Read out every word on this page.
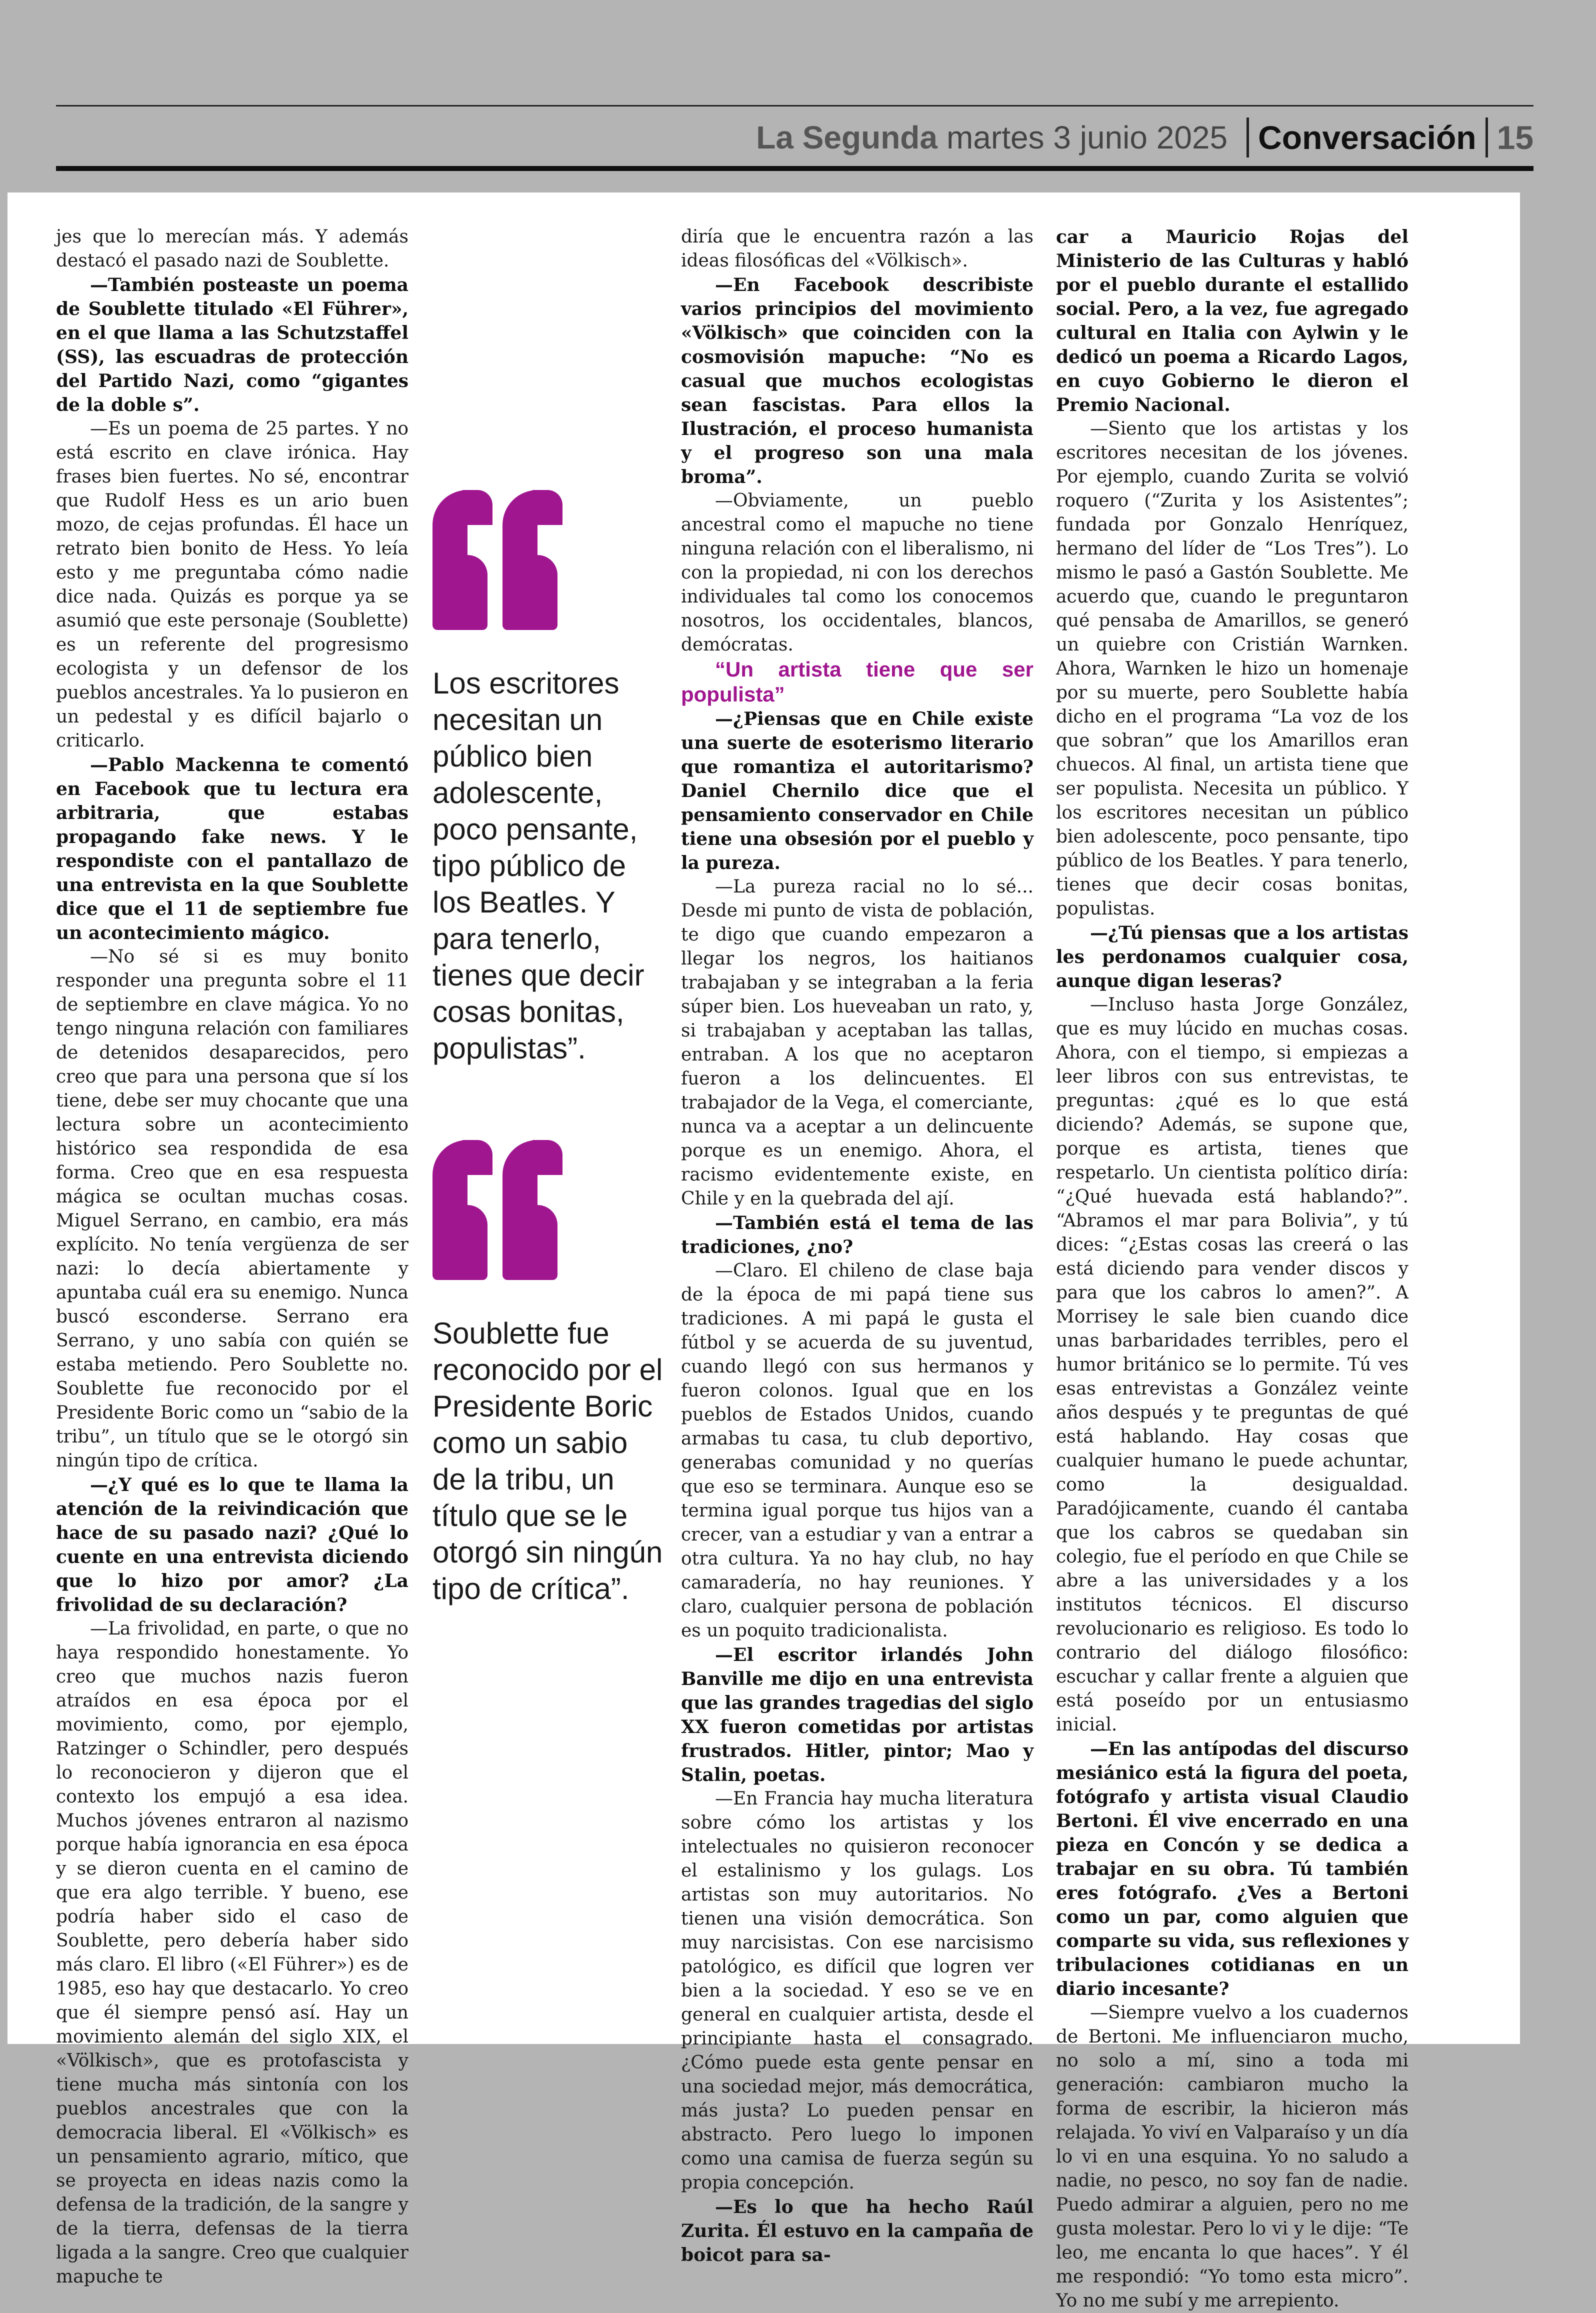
La Segunda martes 3 junio 2025 Conversación 15

jes que lo merecían más. Y además destacó el pasado nazi de Soublette.

—También posteaste un poema de Soublette titulado «El Führer», en el que llama a las Schutzstaffel (SS), las escuadras de protección del Partido Nazi, como “gigantes de la doble s”.

—Es un poema de 25 partes. Y no está escrito en clave irónica. Hay frases bien fuertes. No sé, encontrar que Rudolf Hess es un ario buen mozo, de cejas profundas. Él hace un retrato bien bonito de Hess. Yo leía esto y me preguntaba cómo nadie dice nada. Quizás es porque ya se asumió que este personaje (Soublette) es un referente del progresismo ecologista y un defensor de los pueblos ancestrales. Ya lo pusieron en un pedestal y es difícil bajarlo o criticarlo.

—Pablo Mackenna te comentó en Facebook que tu lectura era arbitraria, que estabas propagando fake news. Y le respondiste con el pantallazo de una entrevista en la que Soublette dice que el 11 de septiembre fue un acontecimiento mágico.

—No sé si es muy bonito responder una pregunta sobre el 11 de septiembre en clave mágica. Yo no tengo ninguna relación con familiares de detenidos desaparecidos, pero creo que para una persona que sí los tiene, debe ser muy chocante que una lectura sobre un acontecimiento histórico sea respondida de esa forma. Creo que en esa respuesta mágica se ocultan muchas cosas. Miguel Serrano, en cambio, era más explícito. No tenía vergüenza de ser nazi: lo decía abiertamente y apuntaba cuál era su enemigo. Nunca buscó esconderse. Serrano era Serrano, y uno sabía con quién se estaba metiendo. Pero Soublette no. Soublette fue reconocido por el Presidente Boric como un “sabio de la tribu”, un título que se le otorgó sin ningún tipo de crítica.

—¿Y qué es lo que te llama la atención de la reivindicación que hace de su pasado nazi? ¿Qué lo cuente en una entrevista diciendo que lo hizo por amor? ¿La frivolidad de su declaración?

—La frivolidad, en parte, o que no haya respondido honestamente. Yo creo que muchos nazis fueron atraídos en esa época por el movimiento, como, por ejemplo, Ratzinger o Schindler, pero después lo reconocieron y dijeron que el contexto los empujó a esa idea. Muchos jóvenes entraron al nazismo porque había ignorancia en esa época y se dieron cuenta en el camino de que era algo terrible. Y bueno, ese podría haber sido el caso de Soublette, pero debería haber sido más claro. El libro («El Führer») es de 1985, eso hay que destacarlo. Yo creo que él siempre pensó así. Hay un movimiento alemán del siglo XIX, el «Völkisch», que es protofascista y tiene mucha más sintonía con los pueblos ancestrales que con la democracia liberal. El «Völkisch» es un pensamiento agrario, mítico, que se proyecta en ideas nazis como la defensa de la tradición, de la sangre y de la tierra, defensas de la tierra ligada a la sangre. Creo que cualquier mapuche te

Los escritores necesitan un público bien adolescente, poco pensante, tipo público de los Beatles. Y para tenerlo, tienes que decir cosas bonitas, populistas”.
Soublette fue reconocido por el Presidente Boric como un sabio de la tribu, un título que se le otorgó sin ningún tipo de crítica”.

diría que le encuentra razón a las ideas filosóficas del «Völkisch».

—En Facebook describiste varios principios del movimiento «Völkisch» que coinciden con la cosmovisión mapuche: “No es casual que muchos ecologistas sean fascistas. Para ellos la Ilustración, el proceso humanista y el progreso son una mala broma”.

—Obviamente, un pueblo ancestral como el mapuche no tiene ninguna relación con el liberalismo, ni con la propiedad, ni con los derechos individuales tal como los conocemos nosotros, los occidentales, blancos, demócratas.

“Un artista tiene que ser populista”

—¿Piensas que en Chile existe una suerte de esoterismo literario que romantiza el autoritarismo? Daniel Chernilo dice que el pensamiento conservador en Chile tiene una obsesión por el pueblo y la pureza.

—La pureza racial no lo sé... Desde mi punto de vista de población, te digo que cuando empezaron a llegar los negros, los haitianos trabajaban y se integraban a la feria súper bien. Los hueveaban un rato, y, si trabajaban y aceptaban las tallas, entraban. A los que no aceptaron fueron a los delincuentes. El trabajador de la Vega, el comerciante, nunca va a aceptar a un delincuente porque es un enemigo. Ahora, el racismo evidentemente existe, en Chile y en la quebrada del ají.

—También está el tema de las tradiciones, ¿no?

—Claro. El chileno de clase baja de la época de mi papá tiene sus tradiciones. A mi papá le gusta el fútbol y se acuerda de su juventud, cuando llegó con sus hermanos y fueron colonos. Igual que en los pueblos de Estados Unidos, cuando armabas tu casa, tu club deportivo, generabas comunidad y no querías que eso se terminara. Aunque eso se termina igual porque tus hijos van a crecer, van a estudiar y van a entrar a otra cultura. Ya no hay club, no hay camaradería, no hay reuniones. Y claro, cualquier persona de población es un poquito tradicionalista.

—El escritor irlandés John Banville me dijo en una entrevista que las grandes tragedias del siglo XX fueron cometidas por artistas frustrados. Hitler, pintor; Mao y Stalin, poetas.

—En Francia hay mucha literatura sobre cómo los artistas y los intelectuales no quisieron reconocer el estalinismo y los gulags. Los artistas son muy autoritarios. No tienen una visión democrática. Son muy narcisistas. Con ese narcisismo patológico, es difícil que logren ver bien a la sociedad. Y eso se ve en general en cualquier artista, desde el principiante hasta el consagrado. ¿Cómo puede esta gente pensar en una sociedad mejor, más democrática, más justa? Lo pueden pensar en abstracto. Pero luego lo imponen como una camisa de fuerza según su propia concepción.

—Es lo que ha hecho Raúl Zurita. Él estuvo en la campaña de boicot para sa-

car a Mauricio Rojas del Ministerio de las Culturas y habló por el pueblo durante el estallido social. Pero, a la vez, fue agregado cultural en Italia con Aylwin y le dedicó un poema a Ricardo Lagos, en cuyo Gobierno le dieron el Premio Nacional.

—Siento que los artistas y los escritores necesitan de los jóvenes. Por ejemplo, cuando Zurita se volvió roquero (“Zurita y los Asistentes”; fundada por Gonzalo Henríquez, hermano del líder de “Los Tres”). Lo mismo le pasó a Gastón Soublette. Me acuerdo que, cuando le preguntaron qué pensaba de Amarillos, se generó un quiebre con Cristián Warnken. Ahora, Warnken le hizo un homenaje por su muerte, pero Soublette había dicho en el programa “La voz de los que sobran” que los Amarillos eran chuecos. Al final, un artista tiene que ser populista. Necesita un público. Y los escritores necesitan un público bien adolescente, poco pensante, tipo público de los Beatles. Y para tenerlo, tienes que decir cosas bonitas, populistas.

—¿Tú piensas que a los artistas les perdonamos cualquier cosa, aunque digan leseras?

—Incluso hasta Jorge González, que es muy lúcido en muchas cosas. Ahora, con el tiempo, si empiezas a leer libros con sus entrevistas, te preguntas: ¿qué es lo que está diciendo? Además, se supone que, porque es artista, tienes que respetarlo. Un cientista político diría: “¿Qué huevada está hablando?”. “Abramos el mar para Bolivia”, y tú dices: “¿Estas cosas las creerá o las está diciendo para vender discos y para que los cabros lo amen?”. A Morrisey le sale bien cuando dice unas barbaridades terribles, pero el humor británico se lo permite. Tú ves esas entrevistas a González veinte años después y te preguntas de qué está hablando. Hay cosas que cualquier humano le puede achuntar, como la desigualdad. Paradójicamente, cuando él cantaba que los cabros se quedaban sin colegio, fue el período en que Chile se abre a las universidades y a los institutos técnicos. El discurso revolucionario es religioso. Es todo lo contrario del diálogo filosófico: escuchar y callar frente a alguien que está poseído por un entusiasmo inicial.

—En las antípodas del discurso mesiánico está la figura del poeta, fotógrafo y artista visual Claudio Bertoni. Él vive encerrado en una pieza en Concón y se dedica a trabajar en su obra. Tú también eres fotógrafo. ¿Ves a Bertoni como un par, como alguien que comparte su vida, sus reflexiones y tribulaciones cotidianas en un diario incesante?

—Siempre vuelvo a los cuadernos de Bertoni. Me influenciaron mucho, no solo a mí, sino a toda mi generación: cambiaron mucho la forma de escribir, la hicieron más relajada. Yo viví en Valparaíso y un día lo vi en una esquina. Yo no saludo a nadie, no pesco, no soy fan de nadie. Puedo admirar a alguien, pero no me gusta molestar. Pero lo vi y le dije: “Te leo, me encanta lo que haces”. Y él me respondió: “Yo tomo esta micro”. Yo no me subí y me arrepiento.
